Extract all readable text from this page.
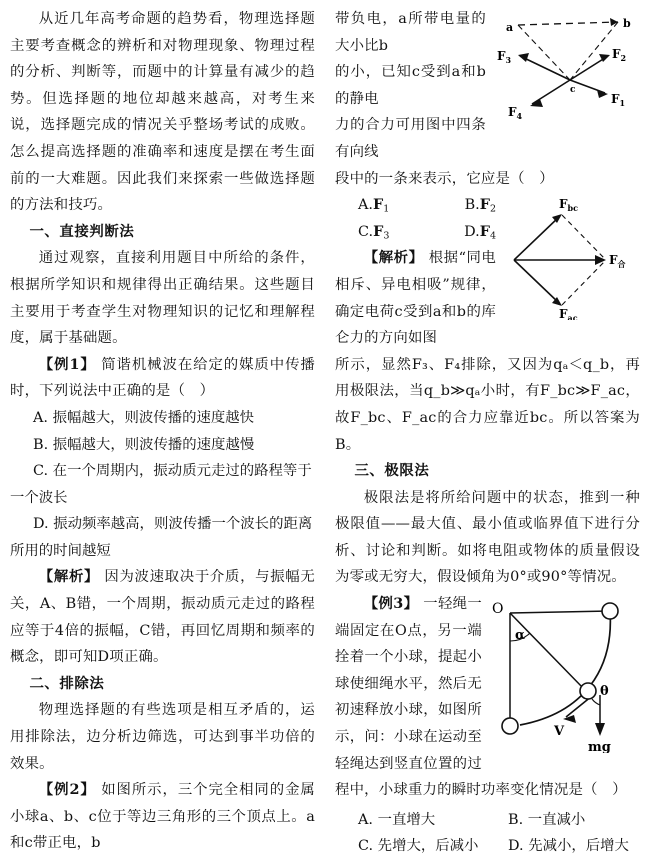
从近几年高考命题的趋势看，物理选择题主要考查概念的辨析和对物理现象、物理过程的分析、判断等，而题中的计算量有减少的趋势。但选择题的地位却越来越高，对考生来说，选择题完成的情况关乎整场考试的成败。怎么提高选择题的准确率和速度是摆在考生面前的一大难题。因此我们来探索一些做选择题的方法和技巧。
一、直接判断法
通过观察，直接利用题目中所给的条件，根据所学知识和规律得出正确结果。这些题目主要用于考查学生对物理知识的记忆和理解程度，属于基础题。
【例1】 简谐机械波在给定的媒质中传播时，下列说法中正确的是（　）
A. 振幅越大，则波传播的速度越快
B. 振幅越大，则波传播的速度越慢
C. 在一个周期内，振动质元走过的路程等于一个波长
D. 振动频率越高，则波传播一个波长的距离所用的时间越短
【解析】 因为波速取决于介质，与振幅无关，A、B错，一个周期，振动质元走过的路程应等于4倍的振幅，C错，再回忆周期和频率的概念，即可知D项正确。
二、排除法
物理选择题的有些选项是相互矛盾的，运用排除法，边分析边筛选，可达到事半功倍的效果。
【例2】 如图所示，三个完全相同的金属小球a、b、c位于等边三角形的三个顶点上。a和c带正电，b
a	b
c
$F_3$	$F_2$
$F_1$
$F_4$
带负电，a所带电量的大小比b
的小，已知c受到a和b的静电
力的合力可用图中四条有向线
段中的一条来表示，它应是（　）
$F_{bc}$
$F_合$
$F_{ac}$
$A.F_1$	$B.F_2$
$C.F_3$	$D.F_4$
【解析】 根据“同电相斥、异电相吸”规律，确定电荷c受到a和b的库仑力的方向如图
所示，显然F₃、F₄排除，又因为qₐ＜q_b，再用极限法，当q_b≫qₐ小时，有F_bc≫F_ac，故F_bc、F_ac的合力应靠近bc。所以答案为B。
三、极限法
极限法是将所给问题中的状态，推到一种极限值——最大值、最小值或临界值下进行分析、讨论和判断。如将电阻或物体的质量假设为零或无穷大，假设倾角为0°或90°等情况。
O
α
θ
V
mg
【例3】 一轻绳一端固定在O点，另一端拴着一个小球，提起小球使细绳水平，然后无初速释放小球，如图所示，问：小球在运动至轻绳达到竖直位置的过程中，小球重力的瞬时功率变化情况是（　）
A. 一直增大	B. 一直减小
C. 先增大，后减小	D. 先减小，后增大
